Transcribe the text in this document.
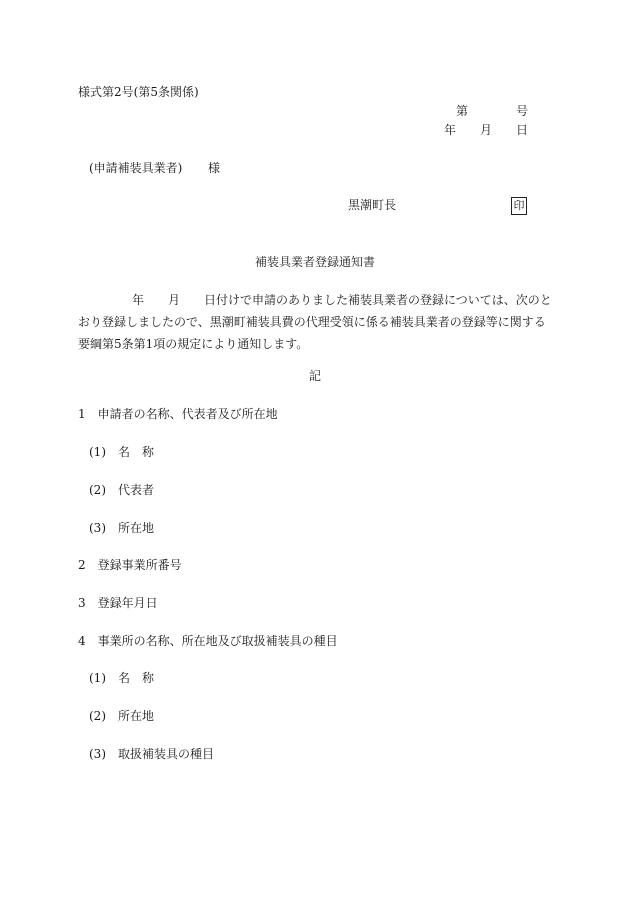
様式第2号(第5条関係)
第	号
年 月 日
(申請補装具業者) 様
黒潮町長	印
補装具業者登録通知書
年 月 日付けで申請のありました補装具業者の登録については、次のとおり登録しましたので、黒潮町補装具費の代理受領に係る補装具業者の登録等に関する要綱第5条第1項の規定により通知します。
記
1 申請者の名称、代表者及び所在地
(1) 名　称
(2) 代表者
(3) 所在地
2 登録事業所番号
3 登録年月日
4 事業所の名称、所在地及び取扱補装具の種目
(1) 名　称
(2) 所在地
(3) 取扱補装具の種目
